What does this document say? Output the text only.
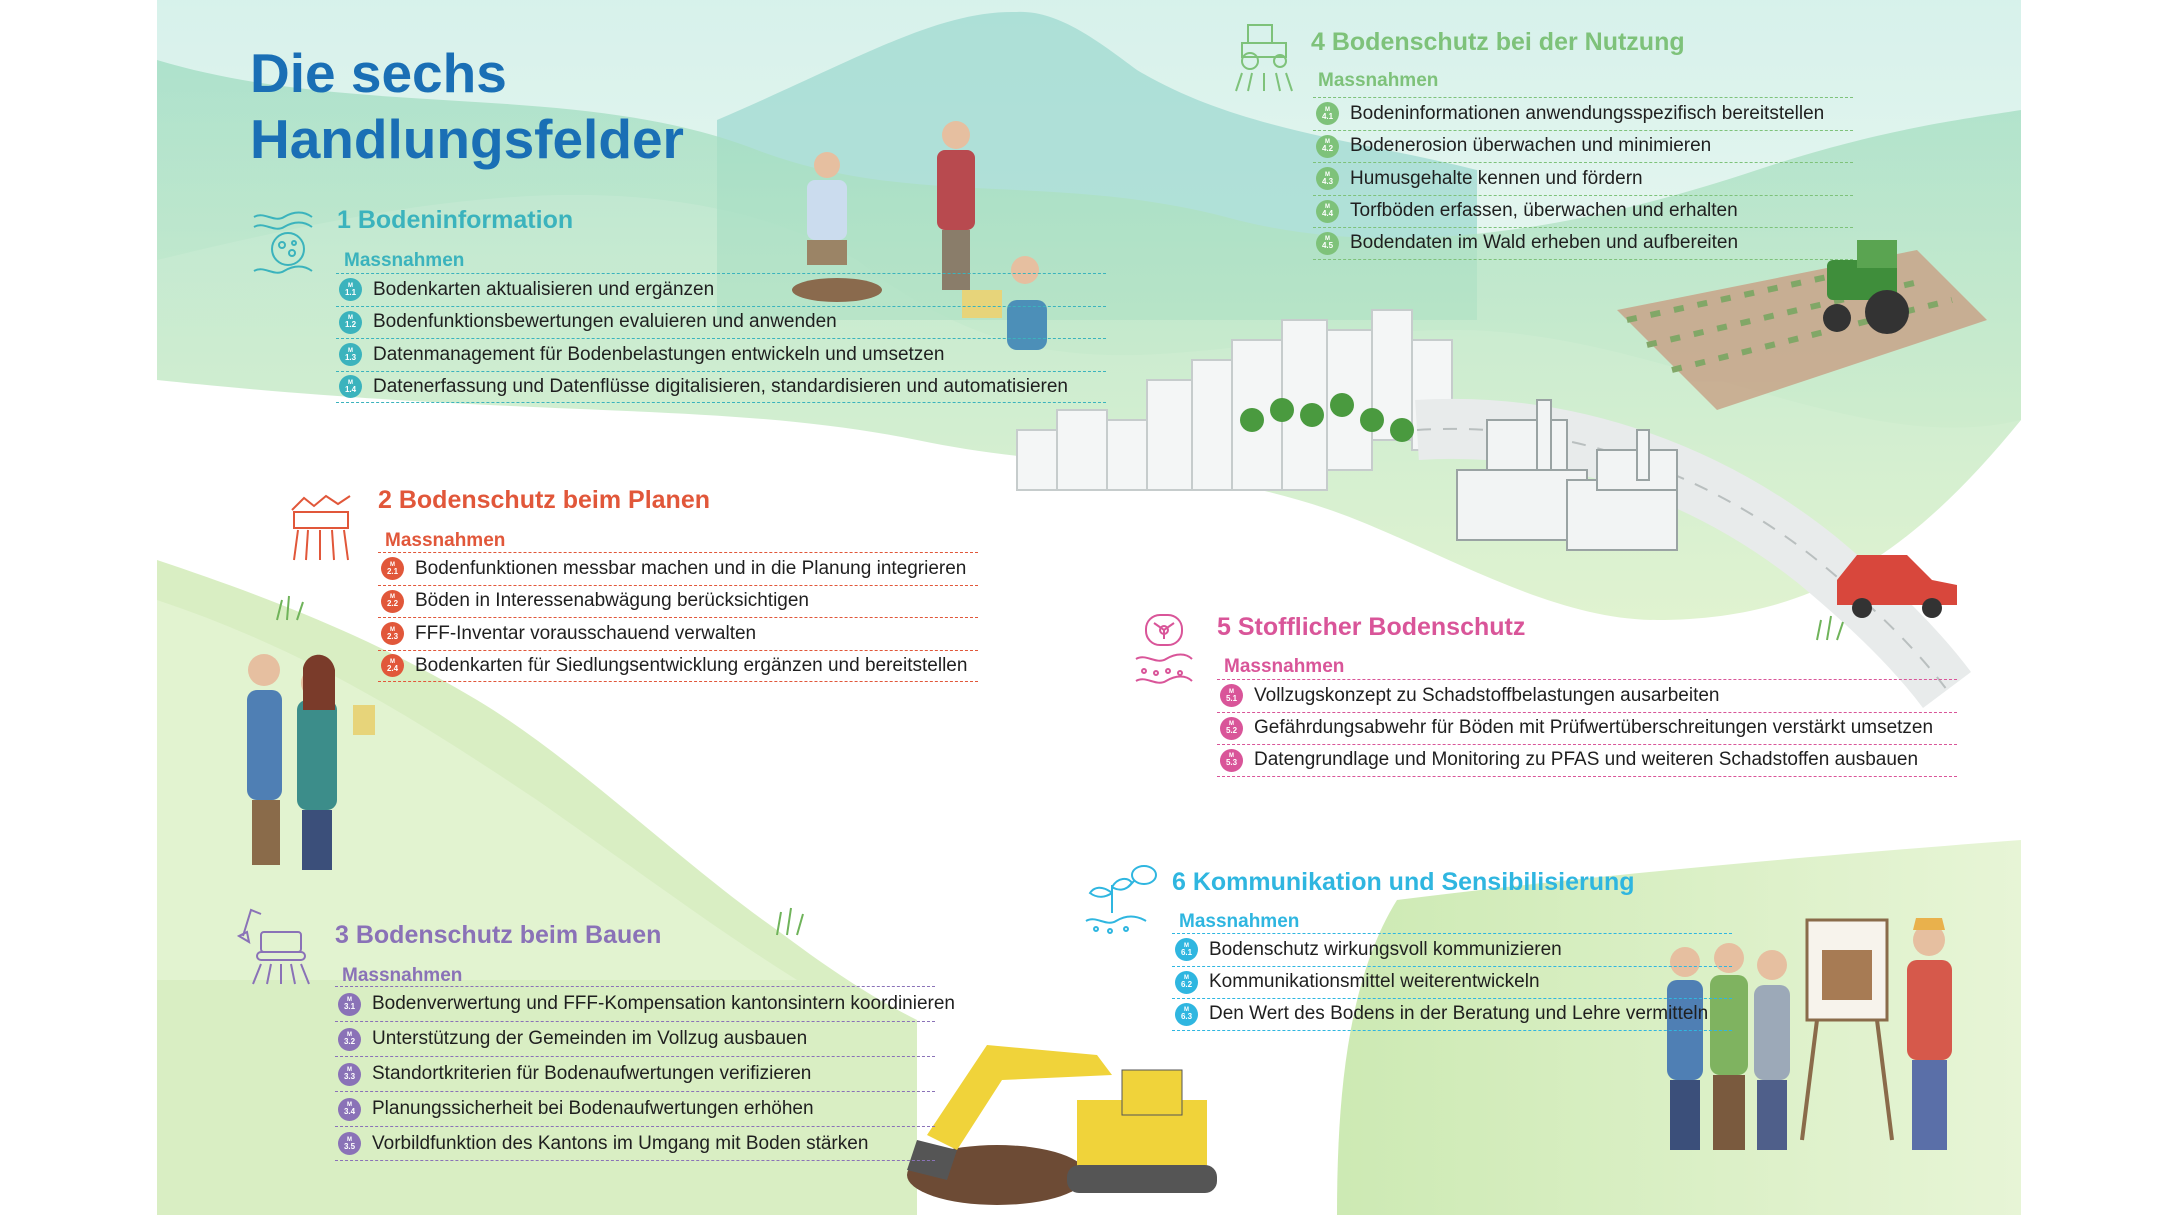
Die sechs
Handlungsfelder
1 Bodeninformation
Massnahmen
M
1.1 Bodenkarten aktualisieren und ergänzen
M
1.2 Bodenfunktionsbewertungen evaluieren und anwenden
M
1.3 Datenmanagement für Bodenbelastungen entwickeln und umsetzen
M
1.4 Datenerfassung und Datenflüsse digitalisieren, standardisieren und automatisieren
2 Bodenschutz beim Planen
Massnahmen
M
2.1 Bodenfunktionen messbar machen und in die Planung integrieren
M
2.2 Böden in Interessenabwägung berücksichtigen
M
2.3 FFF-Inventar vorausschauend verwalten
M
2.4 Bodenkarten für Siedlungsentwicklung ergänzen und bereitstellen
3 Bodenschutz beim Bauen
Massnahmen
M
3.1 Bodenverwertung und FFF-Kompensation kantonsintern koordinieren
M
3.2 Unterstützung der Gemeinden im Vollzug ausbauen
M
3.3 Standortkriterien für Bodenaufwertungen verifizieren
M
3.4 Planungssicherheit bei Bodenaufwertungen erhöhen
M
3.5 Vorbildfunktion des Kantons im Umgang mit Boden stärken
4 Bodenschutz bei der Nutzung
Massnahmen
M
4.1 Bodeninformationen anwendungsspezifisch bereitstellen
M
4.2 Bodenerosion überwachen und minimieren
M
4.3 Humusgehalte kennen und fördern
M
4.4 Torfböden erfassen, überwachen und erhalten
M
4.5 Bodendaten im Wald erheben und aufbereiten
5 Stofflicher Bodenschutz
Massnahmen
M
5.1 Vollzugskonzept zu Schadstoffbelastungen ausarbeiten
M
5.2 Gefährdungsabwehr für Böden mit Prüfwertüberschreitungen verstärkt umsetzen
M
5.3 Datengrundlage und Monitoring zu PFAS und weiteren Schadstoffen ausbauen
6 Kommunikation und Sensibilisierung
Massnahmen
M
6.1 Bodenschutz wirkungsvoll kommunizieren
M
6.2 Kommunikationsmittel weiterentwickeln
M
6.3 Den Wert des Bodens in der Beratung und Lehre vermitteln
